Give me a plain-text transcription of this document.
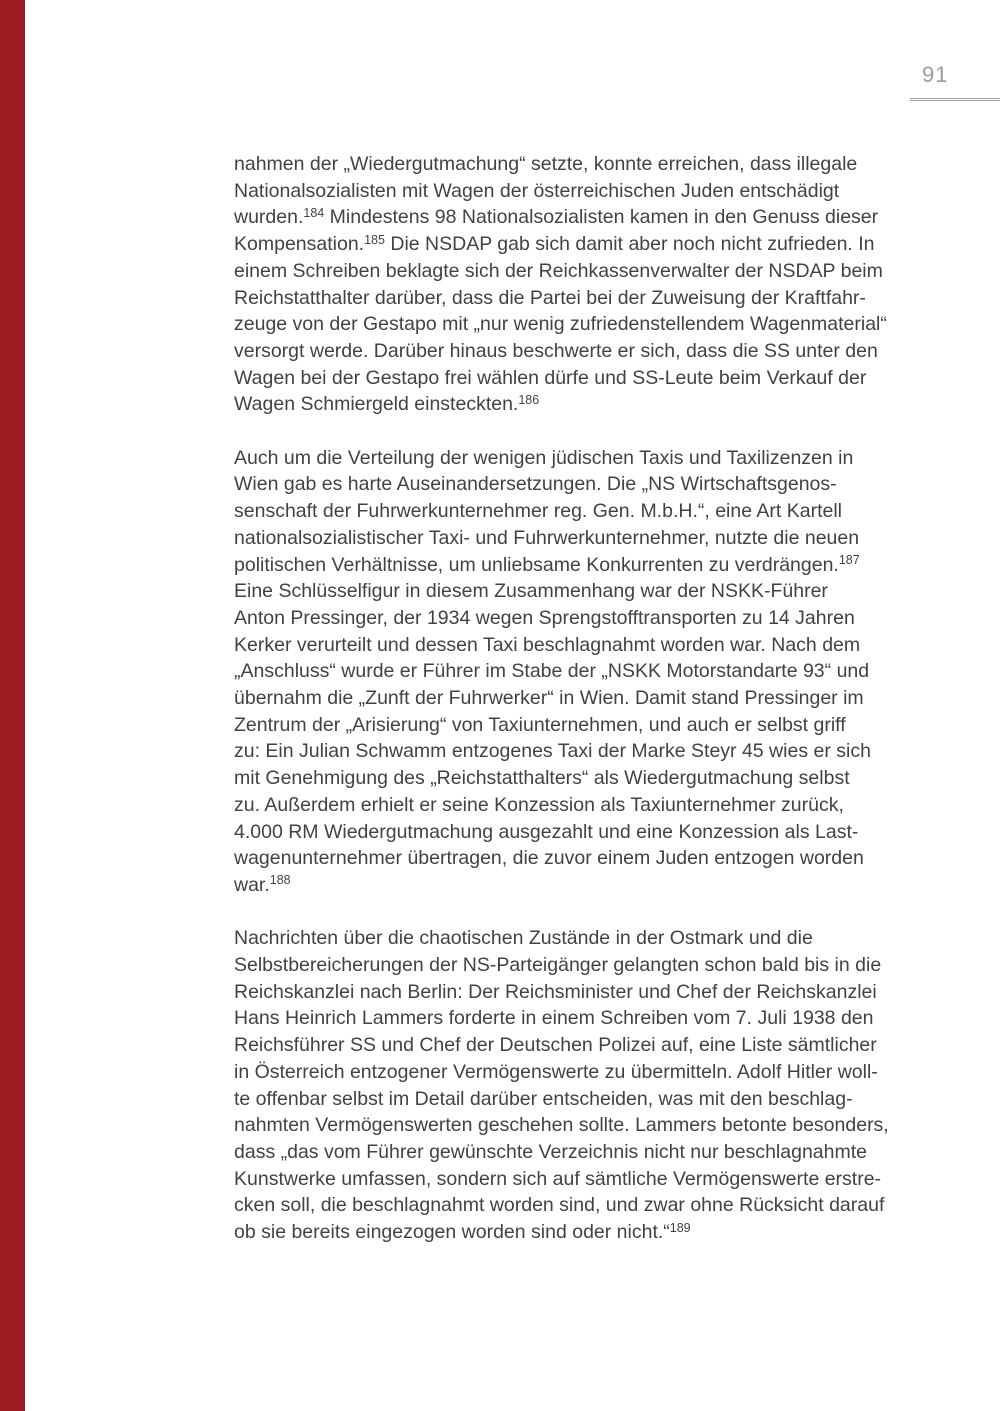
91
nahmen der „Wiedergutmachung“ setzte, konnte erreichen, dass illegale
Nationalsozialisten mit Wagen der österreichischen Juden entschädigt
wurden.$^{184}$ Mindestens 98 Nationalsozialisten kamen in den Genuss dieser
Kompensation.$^{185}$ Die NSDAP gab sich damit aber noch nicht zufrieden. In
einem Schreiben beklagte sich der Reichkassenverwalter der NSDAP beim
Reichstatthalter darüber, dass die Partei bei der Zuweisung der Kraftfahr-
zeuge von der Gestapo mit „nur wenig zufriedenstellendem Wagenmaterial“
versorgt werde. Darüber hinaus beschwerte er sich, dass die SS unter den
Wagen bei der Gestapo frei wählen dürfe und SS-Leute beim Verkauf der
Wagen Schmiergeld einsteckten.$^{186}$
Auch um die Verteilung der wenigen jüdischen Taxis und Taxilizenzen in
Wien gab es harte Auseinandersetzungen. Die „NS Wirtschaftsgenos-
senschaft der Fuhrwerkunternehmer reg. Gen. M.b.H.“, eine Art Kartell
nationalsozialistischer Taxi- und Fuhrwerkunternehmer, nutzte die neuen
politischen Verhältnisse, um unliebsame Konkurrenten zu verdrängen.$^{187}$
Eine Schlüsselfigur in diesem Zusammenhang war der NSKK-Führer
Anton Pressinger, der 1934 wegen Sprengstofftransporten zu 14 Jahren
Kerker verurteilt und dessen Taxi beschlagnahmt worden war. Nach dem
„Anschluss“ wurde er Führer im Stabe der „NSKK Motorstandarte 93“ und
übernahm die „Zunft der Fuhrwerker“ in Wien. Damit stand Pressinger im
Zentrum der „Arisierung“ von Taxiunternehmen, und auch er selbst griff
zu: Ein Julian Schwamm entzogenes Taxi der Marke Steyr 45 wies er sich
mit Genehmigung des „Reichstatthalters“ als Wiedergutmachung selbst
zu. Außerdem erhielt er seine Konzession als Taxiunternehmer zurück,
4.000 RM Wiedergutmachung ausgezahlt und eine Konzession als Last-
wagenunternehmer übertragen, die zuvor einem Juden entzogen worden
war.$^{188}$
Nachrichten über die chaotischen Zustände in der Ostmark und die
Selbstbereicherungen der NS-Parteigänger gelangten schon bald bis in die
Reichskanzlei nach Berlin: Der Reichsminister und Chef der Reichskanzlei
Hans Heinrich Lammers forderte in einem Schreiben vom 7. Juli 1938 den
Reichsführer SS und Chef der Deutschen Polizei auf, eine Liste sämtlicher
in Österreich entzogener Vermögenswerte zu übermitteln. Adolf Hitler woll-
te offenbar selbst im Detail darüber entscheiden, was mit den beschlag-
nahmten Vermögenswerten geschehen sollte. Lammers betonte besonders,
dass „das vom Führer gewünschte Verzeichnis nicht nur beschlagnahmte
Kunstwerke umfassen, sondern sich auf sämtliche Vermögenswerte erstre-
cken soll, die beschlagnahmt worden sind, und zwar ohne Rücksicht darauf
ob sie bereits eingezogen worden sind oder nicht.“$^{189}$
